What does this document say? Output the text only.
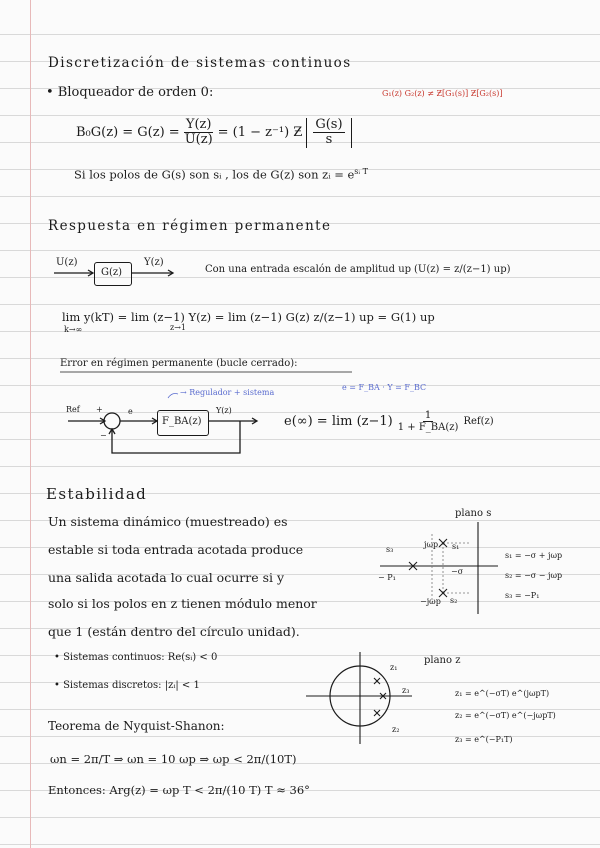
Discretización de sistemas continuos
• Bloqueador de orden 0:	G₁(z) G₂(z) ≠ Ƶ[G₁(s)] Ƶ[G₂(s)]
$B_0G(z) = G(z) = \frac{Y(z)}{U(z)} = (1 - z^{-1})$ Ƶ $\frac{G(s)}{s}$
Si los polos de G(s) son sᵢ , los de G(z) son zᵢ = $e^{sᵢ T}$
Respuesta en régimen permanente
U(z)
G(z)
Y(z)
Con una entrada escalón de amplitud up (U(z) = z/(z−1) up)
lim y(kT) = lim (z−1) Y(z) = lim (z−1) G(z) z/(z−1) up = G(1) up
k→∞	z→1
Error en régimen permanente (bucle cerrado):
→ Regulador + sistema
e = F_BA · Y = F_BC
Ref +
−
e
F_BA(z)
Y(z)
$e(\infty) = \lim (z-1) \frac{1}{1 + F\_BA(z)} Ref(z)$
Estabilidad
Un sistema dinámico (muestreado) es
estable si toda entrada acotada produce
una salida acotada lo cual ocurre si y
solo si los polos en z tienen módulo menor
que 1 (están dentro del círculo unidad).
• Sistemas continuos: Re(sᵢ) < 0
• Sistemas discretos: |zᵢ| < 1
plano s
s₃
jωp s₁
−σ
− P₁
−jωp s₂
s₁ = −σ + jωp
s₂ = −σ − jωp
s₃ = −P₁
plano z
z₁
z₃
z₂
z₁ = e^(−σT) e^(jωpT)
z₂ = e^(−σT) e^(−jωpT)
z₃ = e^(−P₁T)
Teorema de Nyquist-Shanon:
ωn = 2π/T ⇒ ωn = 10 ωp ⇒ ωp < 2π/(10T)
Entonces: Arg(z) = ωp T < 2π/(10 T) T ≈ 36°
